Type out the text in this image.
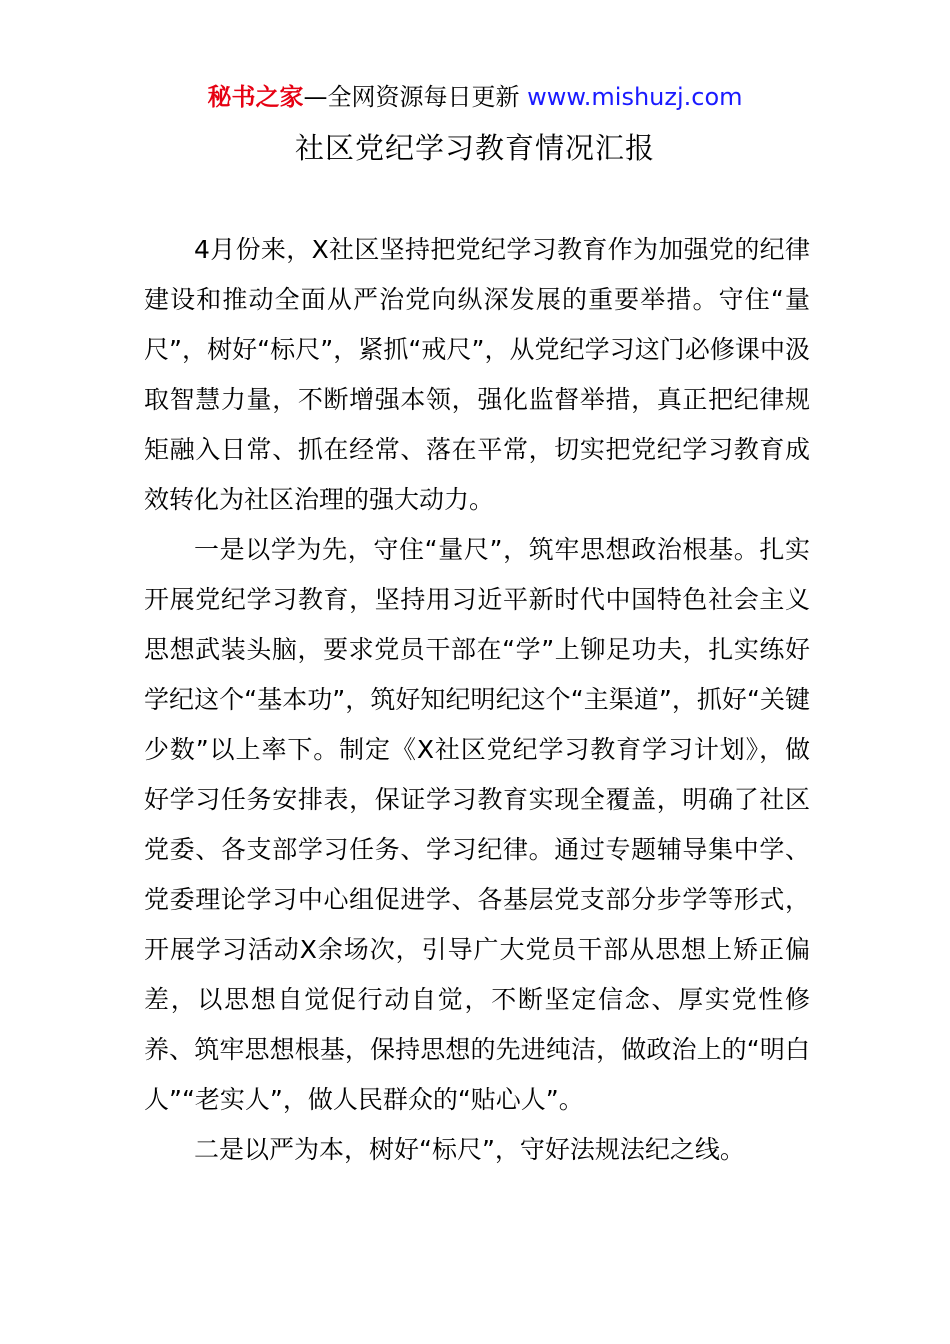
秘书之家—全网资源每日更新 www.mishuzj.com
社区党纪学习教育情况汇报

4月份来，X社区坚持把党纪学习教育作为加强党的纪律建设和推动全面从严治党向纵深发展的重要举措。守住“量尺”，树好“标尺”，紧抓“戒尺”，从党纪学习这门必修课中汲取智慧力量，不断增强本领，强化监督举措，真正把纪律规矩融入日常、抓在经常、落在平常，切实把党纪学习教育成效转化为社区治理的强大动力。

一是以学为先，守住“量尺”，筑牢思想政治根基。扎实开展党纪学习教育，坚持用习近平新时代中国特色社会主义思想武装头脑，要求党员干部在“学”上铆足功夫，扎实练好学纪这个“基本功”，筑好知纪明纪这个“主渠道”，抓好“关键少数”以上率下。制定《X社区党纪学习教育学习计划》，做好学习任务安排表，保证学习教育实现全覆盖，明确了社区党委、各支部学习任务、学习纪律。通过专题辅导集中学、党委理论学习中心组促进学、各基层党支部分步学等形式，开展学习活动X余场次，引导广大党员干部从思想上矫正偏差，以思想自觉促行动自觉，不断坚定信念、厚实党性修养、筑牢思想根基，保持思想的先进纯洁，做政治上的“明白人”“老实人”，做人民群众的“贴心人”。

二是以严为本，树好“标尺”，守好法规法纪之线。
